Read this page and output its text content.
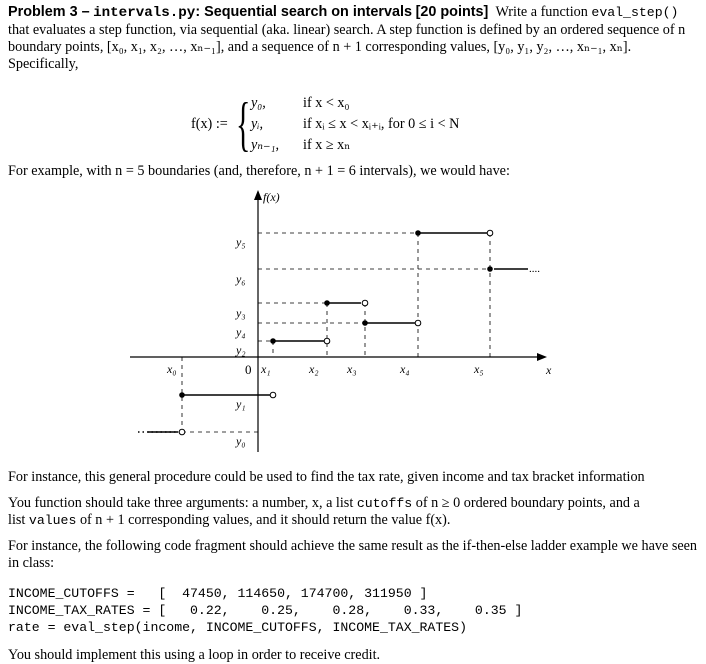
Problem 3 – intervals.py: Sequential search on intervals [20 points] Write a function eval_step() that evaluates a step function, via sequential (aka. linear) search. A step function is defined by an ordered sequence of n boundary points, [x₀, x₁, x₂, …, xₙ₋₁], and a sequence of n + 1 corresponding values, [y₀, y₁, y₂, …, xₙ₋₁, xₙ].
Specifically,

f(x) := { y₀,	if x < x₀
yᵢ,	if xᵢ ≤ x < xᵢ₊ᵢ, for 0 ≤ i < N
yₙ₋₁, if x ≥ xₙ

For example, with n = 5 boundaries (and, therefore, n + 1 = 6 intervals), we would have:

f(x)
x
....
y₅
y₆
y₃
y₄
y₂
y₁
y₀
0
x₀	x₁	x₂ x₃	x₄	x₅

For instance, this general procedure could be used to find the tax rate, given income and tax bracket information

You function should take three arguments: a number, x, a list cutoffs of n ≥ 0 ordered boundary points, and a
list values of n + 1 corresponding values, and it should return the value f(x).

For instance, the following code fragment should achieve the same result as the if-then-else ladder example we have seen in class:

INCOME_CUTOFFS =   [  47450, 114650, 174700, 311950 ]
INCOME_TAX_RATES = [   0.22,    0.25,    0.28,    0.33,    0.35 ]
rate = eval_step(income, INCOME_CUTOFFS, INCOME_TAX_RATES)

You should implement this using a loop in order to receive credit.
